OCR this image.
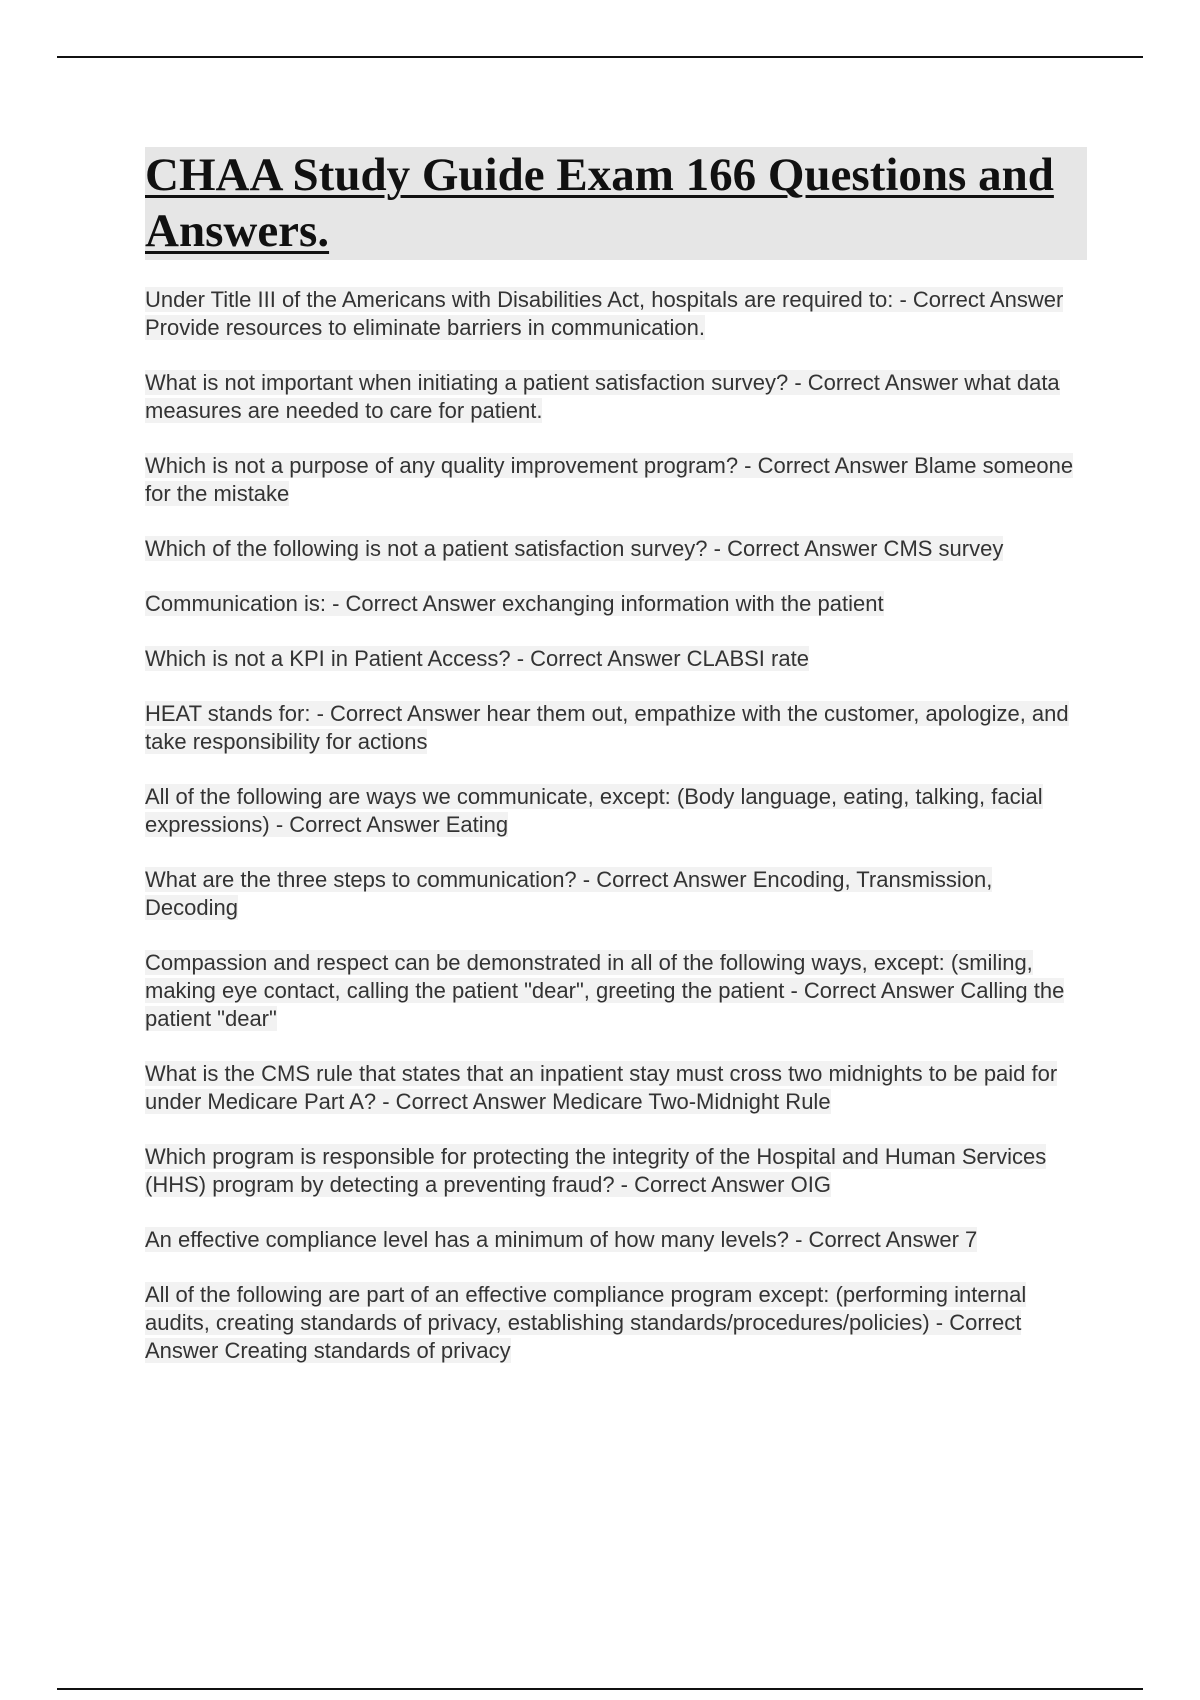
CHAA Study Guide Exam 166 Questions and Answers.

Under Title III of the Americans with Disabilities Act, hospitals are required to: - Correct Answer Provide resources to eliminate barriers in communication.

What is not important when initiating a patient satisfaction survey? - Correct Answer what data measures are needed to care for patient.

Which is not a purpose of any quality improvement program? - Correct Answer Blame someone for the mistake

Which of the following is not a patient satisfaction survey? - Correct Answer CMS survey

Communication is: - Correct Answer exchanging information with the patient

Which is not a KPI in Patient Access? - Correct Answer CLABSI rate

HEAT stands for: - Correct Answer hear them out, empathize with the customer, apologize, and take responsibility for actions

All of the following are ways we communicate, except: (Body language, eating, talking, facial expressions) - Correct Answer Eating

What are the three steps to communication? - Correct Answer Encoding, Transmission, Decoding

Compassion and respect can be demonstrated in all of the following ways, except: (smiling, making eye contact, calling the patient "dear", greeting the patient - Correct Answer Calling the patient "dear"

What is the CMS rule that states that an inpatient stay must cross two midnights to be paid for under Medicare Part A? - Correct Answer Medicare Two-Midnight Rule

Which program is responsible for protecting the integrity of the Hospital and Human Services (HHS) program by detecting a preventing fraud? - Correct Answer OIG

An effective compliance level has a minimum of how many levels? - Correct Answer 7

All of the following are part of an effective compliance program except: (performing internal audits, creating standards of privacy, establishing standards/procedures/policies) - Correct Answer Creating standards of privacy
